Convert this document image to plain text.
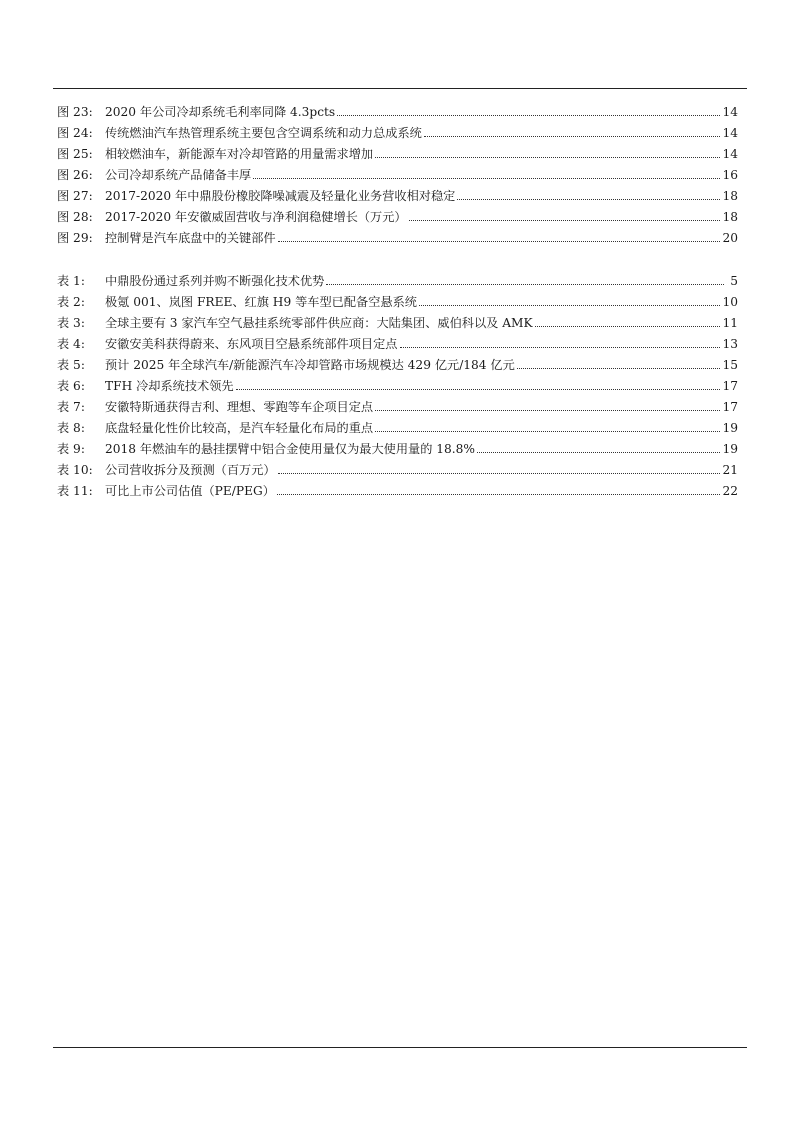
图 23:	2020 年公司冷却系统毛利率同降 4.3pcts	14
图 24:	传统燃油汽车热管理系统主要包含空调系统和动力总成系统	14
图 25:	相较燃油车，新能源车对冷却管路的用量需求增加	14
图 26:	公司冷却系统产品储备丰厚	16
图 27:	2017-2020 年中鼎股份橡胶降噪减震及轻量化业务营收相对稳定	18
图 28:	2017-2020 年安徽威固营收与净利润稳健增长（万元）	18
图 29:	控制臂是汽车底盘中的关键部件	20
表 1:	中鼎股份通过系列并购不断强化技术优势	5
表 2:	极氪 001、岚图 FREE、红旗 H9 等车型已配备空悬系统	10
表 3:	全球主要有 3 家汽车空气悬挂系统零部件供应商：大陆集团、威伯科以及 AMK	11
表 4:	安徽安美科获得蔚来、东风项目空悬系统部件项目定点	13
表 5:	预计 2025 年全球汽车/新能源汽车冷却管路市场规模达 429 亿元/184 亿元	15
表 6:	TFH 冷却系统技术领先	17
表 7:	安徽特斯通获得吉利、理想、零跑等车企项目定点	17
表 8:	底盘轻量化性价比较高，是汽车轻量化布局的重点	19
表 9:	2018 年燃油车的悬挂摆臂中铝合金使用量仅为最大使用量的 18.8%	19
表 10:	公司营收拆分及预测（百万元）	21
表 11:	可比上市公司估值（PE/PEG）	22
